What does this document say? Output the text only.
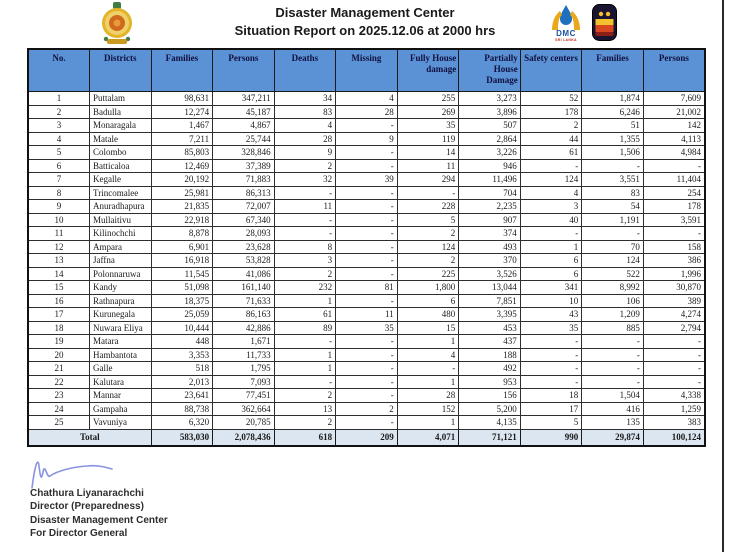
Disaster Management Center
Situation Report on 2025.12.06 at 2000 hrs	DMC
SRI LANKA
No.	Districts	Families	Persons	Deaths	Missing	Fully House damage	Partially House Damage	Safety centers	Families	Persons
1	Puttalam	98,631	347,211	34	4	255	3,273	52	1,874	7,609
2	Badulla	12,274	45,187	83	28	269	3,896	178	6,246	21,002
3	Monaragala	1,467	4,867	4	-	35	507	2	51	142
4	Matale	7,211	25,744	28	9	119	2,864	44	1,355	4,113
5	Colombo	85,803	328,846	9	-	14	3,226	61	1,506	4,984
6	Batticaloa	12,469	37,389	2	-	11	946	-	-	-
7	Kegalle	20,192	71,883	32	39	294	11,496	124	3,551	11,404
8	Trincomalee	25,981	86,313	-	-	-	704	4	83	254
9	Anuradhapura	21,835	72,007	11	-	228	2,235	3	54	178
10	Mullaitivu	22,918	67,340	-	-	5	907	40	1,191	3,591
11	Kilinochchi	8,878	28,093	-	-	2	374	-	-	-
12	Ampara	6,901	23,628	8	-	124	493	1	70	158
13	Jaffna	16,918	53,828	3	-	2	370	6	124	386
14	Polonnaruwa	11,545	41,086	2	-	225	3,526	6	522	1,996
15	Kandy	51,098	161,140	232	81	1,800	13,044	341	8,992	30,870
16	Rathnapura	18,375	71,633	1	-	6	7,851	10	106	389
17	Kurunegala	25,059	86,163	61	11	480	3,395	43	1,209	4,274
18	Nuwara Eliya	10,444	42,886	89	35	15	453	35	885	2,794
19	Matara	448	1,671	-	-	1	437	-	-	-
20	Hambantota	3,353	11,733	1	-	4	188	-	-	-
21	Galle	518	1,795	1	-	-	492	-	-	-
22	Kalutara	2,013	7,093	-	-	1	953	-	-	-
23	Mannar	23,641	77,451	2	-	28	156	18	1,504	4,338
24	Gampaha	88,738	362,664	13	2	152	5,200	17	416	1,259
25	Vavuniya	6,320	20,785	2	-	1	4,135	5	135	383
Total		583,030	2,078,436	618	209	4,071	71,121	990	29,874	100,124
Chathura Liyanarachchi
Director (Preparedness)
Disaster Management Center
For Director General
